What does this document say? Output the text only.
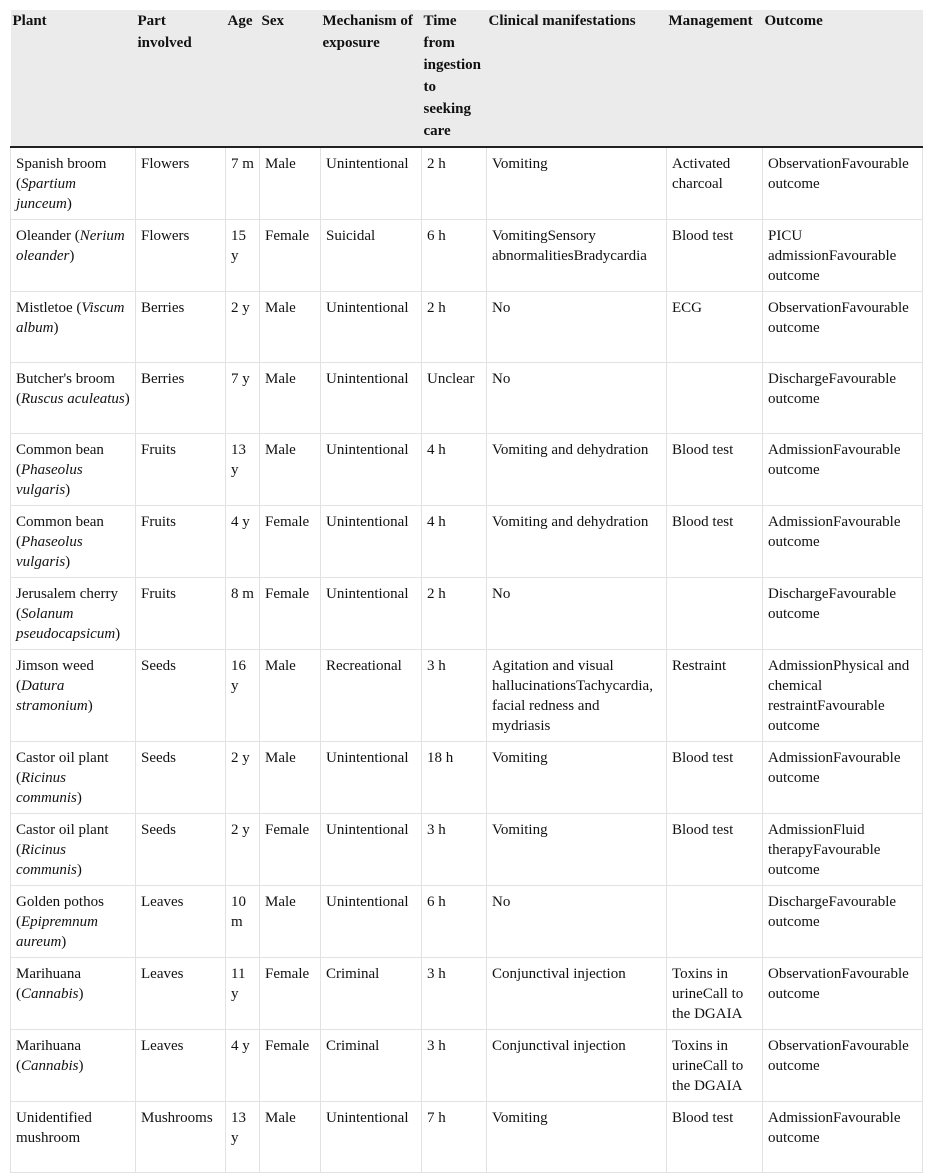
Plant	Part involved	Age	Sex	Mechanism of exposure	Time from ingestion to seeking care	Clinical manifestations	Management	Outcome
Spanish broom (Spartium junceum)	Flowers	7 m	Male	Unintentional	2 h	Vomiting	Activated charcoal	ObservationFavourable outcome
Oleander (Nerium oleander)	Flowers	15 y	Female	Suicidal	6 h	VomitingSensory abnormalitiesBradycardia	Blood test	PICU admissionFavourable outcome
Mistletoe (Viscum album)	Berries	2 y	Male	Unintentional	2 h	No	ECG	ObservationFavourable outcome
Butcher's broom (Ruscus aculeatus)	Berries	7 y	Male	Unintentional	Unclear	No		DischargeFavourable outcome
Common bean (Phaseolus vulgaris)	Fruits	13 y	Male	Unintentional	4 h	Vomiting and dehydration	Blood test	AdmissionFavourable outcome
Common bean (Phaseolus vulgaris)	Fruits	4 y	Female	Unintentional	4 h	Vomiting and dehydration	Blood test	AdmissionFavourable outcome
Jerusalem cherry (Solanum pseudocapsicum)	Fruits	8 m	Female	Unintentional	2 h	No		DischargeFavourable outcome
Jimson weed (Datura stramonium)	Seeds	16 y	Male	Recreational	3 h	Agitation and visual hallucinationsTachycardia, facial redness and mydriasis	Restraint	AdmissionPhysical and chemical restraintFavourable outcome
Castor oil plant (Ricinus communis)	Seeds	2 y	Male	Unintentional	18 h	Vomiting	Blood test	AdmissionFavourable outcome
Castor oil plant (Ricinus communis)	Seeds	2 y	Female	Unintentional	3 h	Vomiting	Blood test	AdmissionFluid therapyFavourable outcome
Golden pothos (Epipremnum aureum)	Leaves	10 m	Male	Unintentional	6 h	No		DischargeFavourable outcome
Marihuana (Cannabis)	Leaves	11 y	Female	Criminal	3 h	Conjunctival injection	Toxins in urineCall to the DGAIA	ObservationFavourable outcome
Marihuana (Cannabis)	Leaves	4 y	Female	Criminal	3 h	Conjunctival injection	Toxins in urineCall to the DGAIA	ObservationFavourable outcome
Unidentified mushroom	Mushrooms	13 y	Male	Unintentional	7 h	Vomiting	Blood test	AdmissionFavourable outcome
